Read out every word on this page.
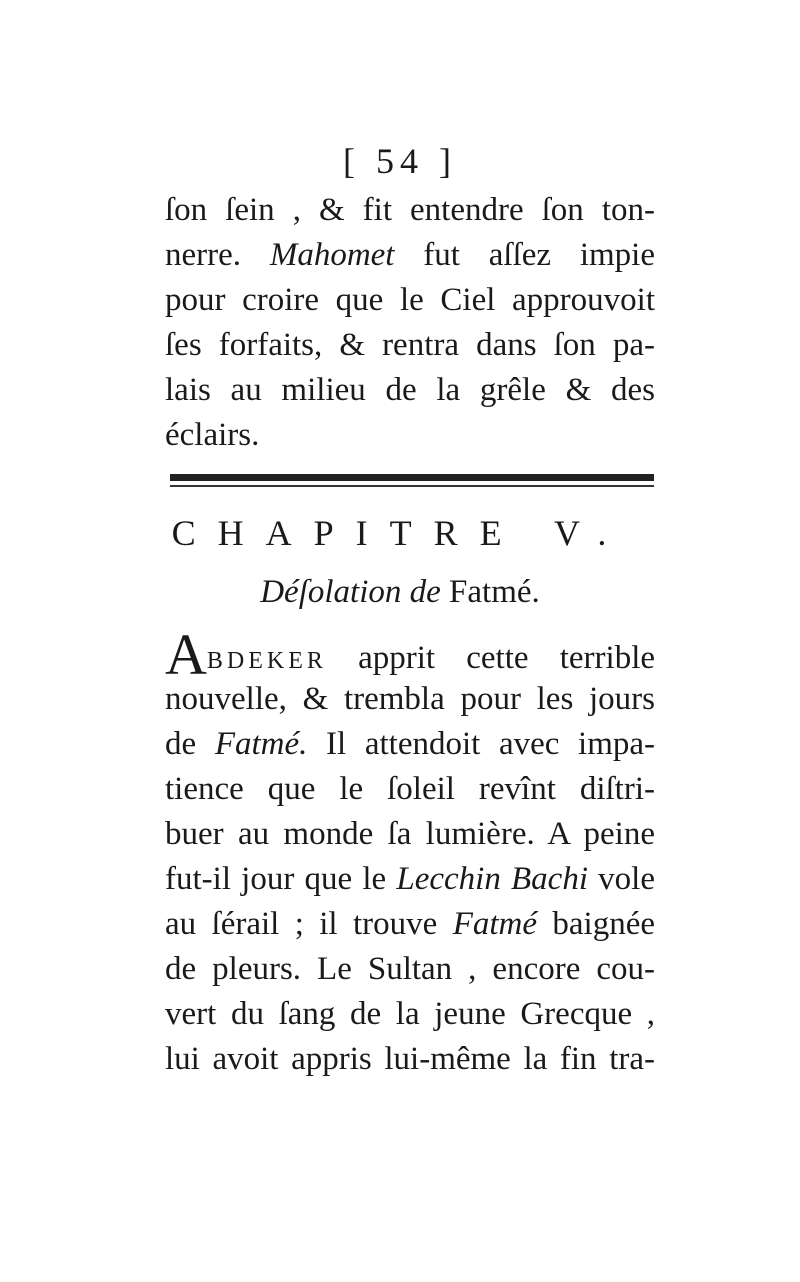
[ 54 ]
ſon ſein , & fit entendre ſon ton-
nerre. Mahomet fut aſſez impie
pour croire que le Ciel approuvoit
ſes forfaits, & rentra dans ſon pa-
lais au milieu de la grêle & des
éclairs.
CHAPITRE V.
Déſolation de Fatmé.
ABDEKER apprit cette terrible
nouvelle, & trembla pour les jours
de Fatmé. Il attendoit avec impa-
tience que le ſoleil revînt diſtri-
buer au monde ſa lumière. A peine
fut-il jour que le Lecchin Bachi vole
au ſérail ; il trouve Fatmé baignée
de pleurs. Le Sultan , encore cou-
vert du ſang de la jeune Grecque ,
lui avoit appris lui-même la fin tra-
